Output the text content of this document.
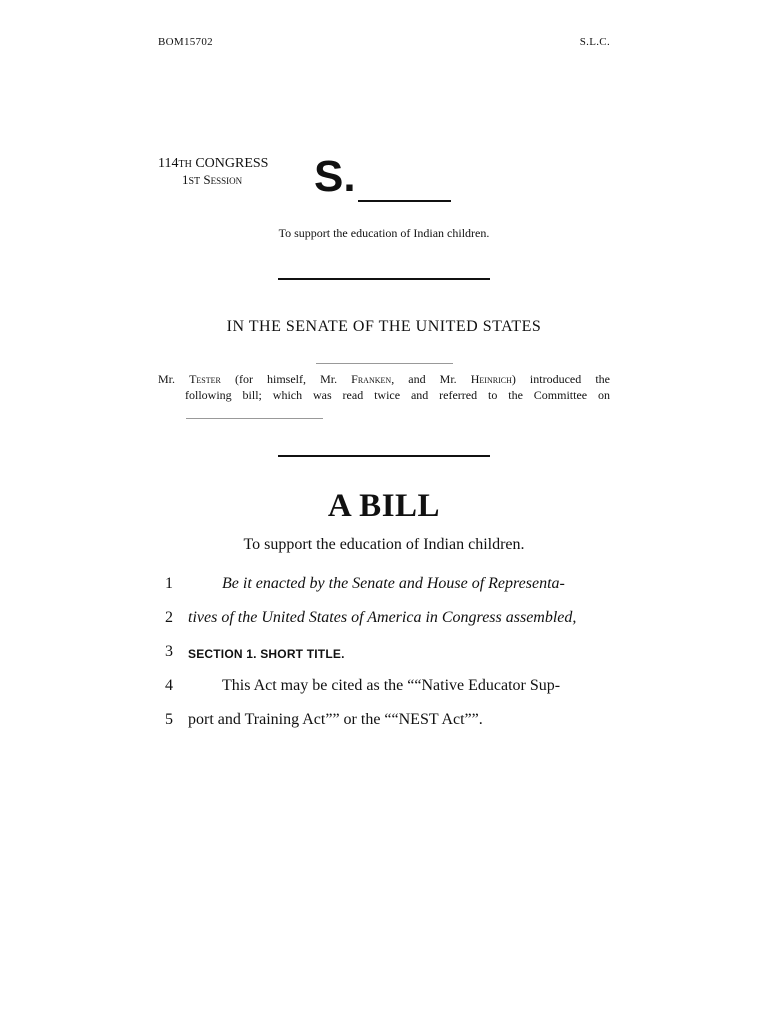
BOM15702	S.L.C.
114TH CONGRESS
1ST Session S.
To support the education of Indian children.
IN THE SENATE OF THE UNITED STATES
Mr. Tester (for himself, Mr. Franken, and Mr. Heinrich) introduced the
following bill; which was read twice and referred to the Committee on
A BILL
To support the education of Indian children.
1	Be it enacted by the Senate and House of Representa-
2 tives of the United States of America in Congress assembled,
3	SECTION 1. SHORT TITLE.
4	This Act may be cited as the ““Native Educator Sup-
5 port and Training Act”” or the ““NEST Act””.
